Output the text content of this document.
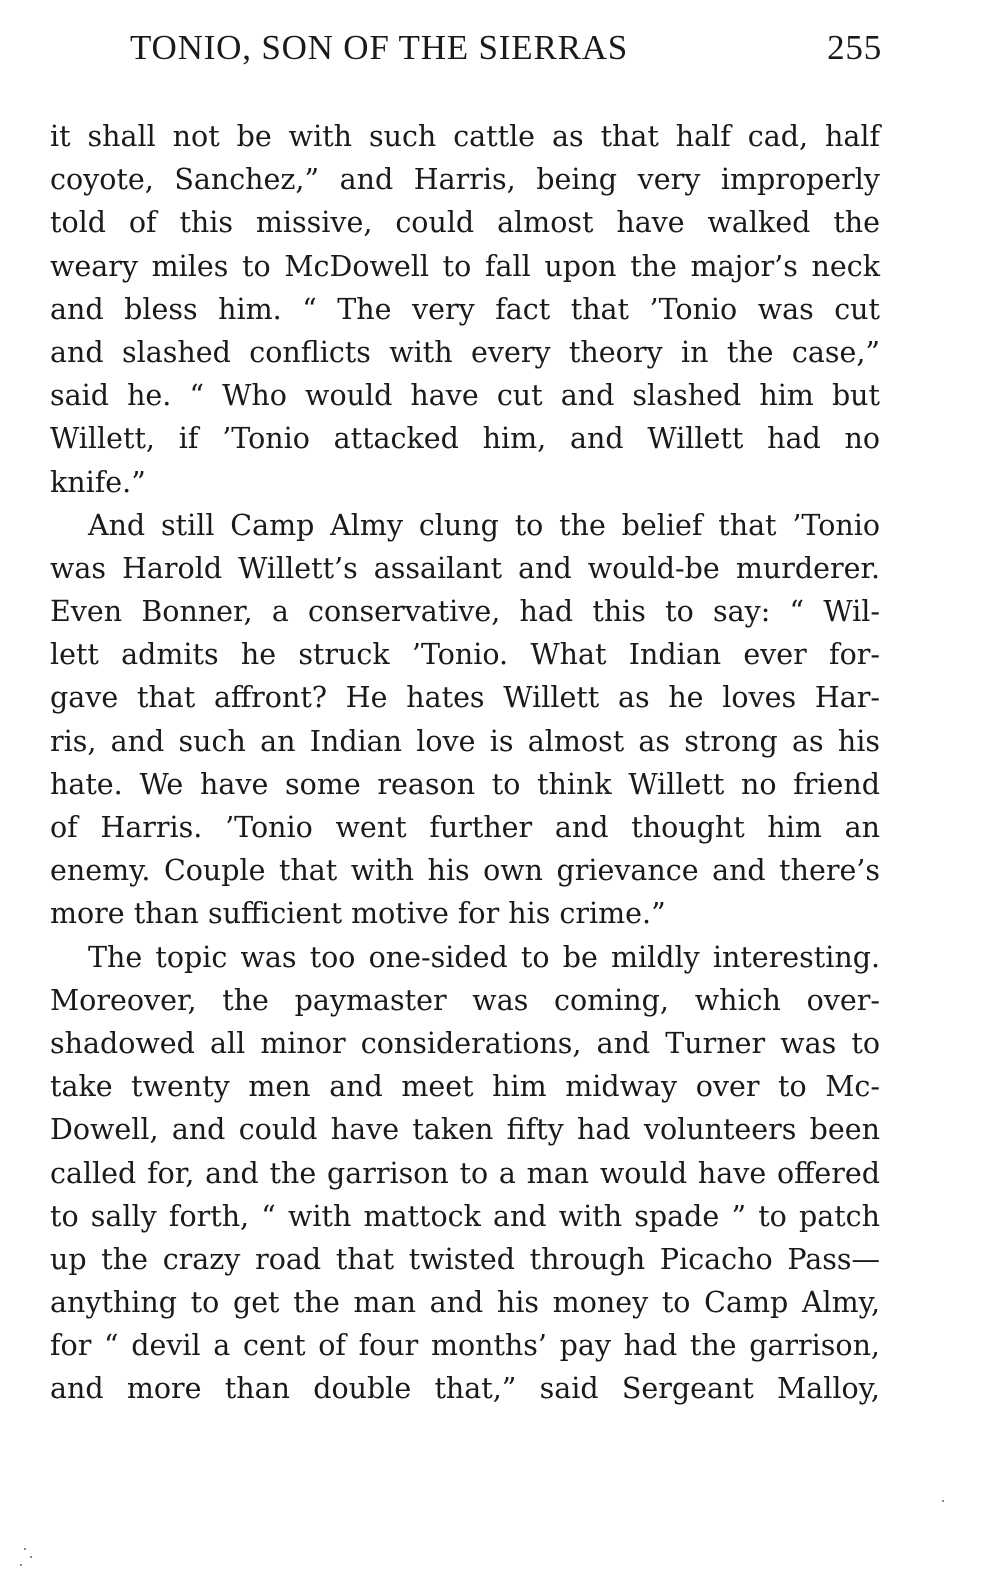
TONIO, SON OF THE SIERRAS	255
it shall not be with such cattle as that half cad, half
coyote, Sanchez,” and Harris, being very improperly
told of this missive, could almost have walked the
weary miles to McDowell to fall upon the major’s neck
and bless him. “ The very fact that ’Tonio was cut
and slashed conflicts with every theory in the case,”
said he. “ Who would have cut and slashed him but
Willett, if ’Tonio attacked him, and Willett had no
knife.”
And still Camp Almy clung to the belief that ’Tonio
was Harold Willett’s assailant and would-be murderer.
Even Bonner, a conservative, had this to say: “ Wil-
lett admits he struck ’Tonio. What Indian ever for-
gave that affront? He hates Willett as he loves Har-
ris, and such an Indian love is almost as strong as his
hate. We have some reason to think Willett no friend
of Harris. ’Tonio went further and thought him an
enemy. Couple that with his own grievance and there’s
more than sufficient motive for his crime.”
The topic was too one-sided to be mildly interesting.
Moreover, the paymaster was coming, which over-
shadowed all minor considerations, and Turner was to
take twenty men and meet him midway over to Mc-
Dowell, and could have taken fifty had volunteers been
called for, and the garrison to a man would have offered
to sally forth, “ with mattock and with spade ” to patch
up the crazy road that twisted through Picacho Pass—
anything to get the man and his money to Camp Almy,
for “ devil a cent of four months’ pay had the garrison,
and more than double that,” said Sergeant Malloy,
